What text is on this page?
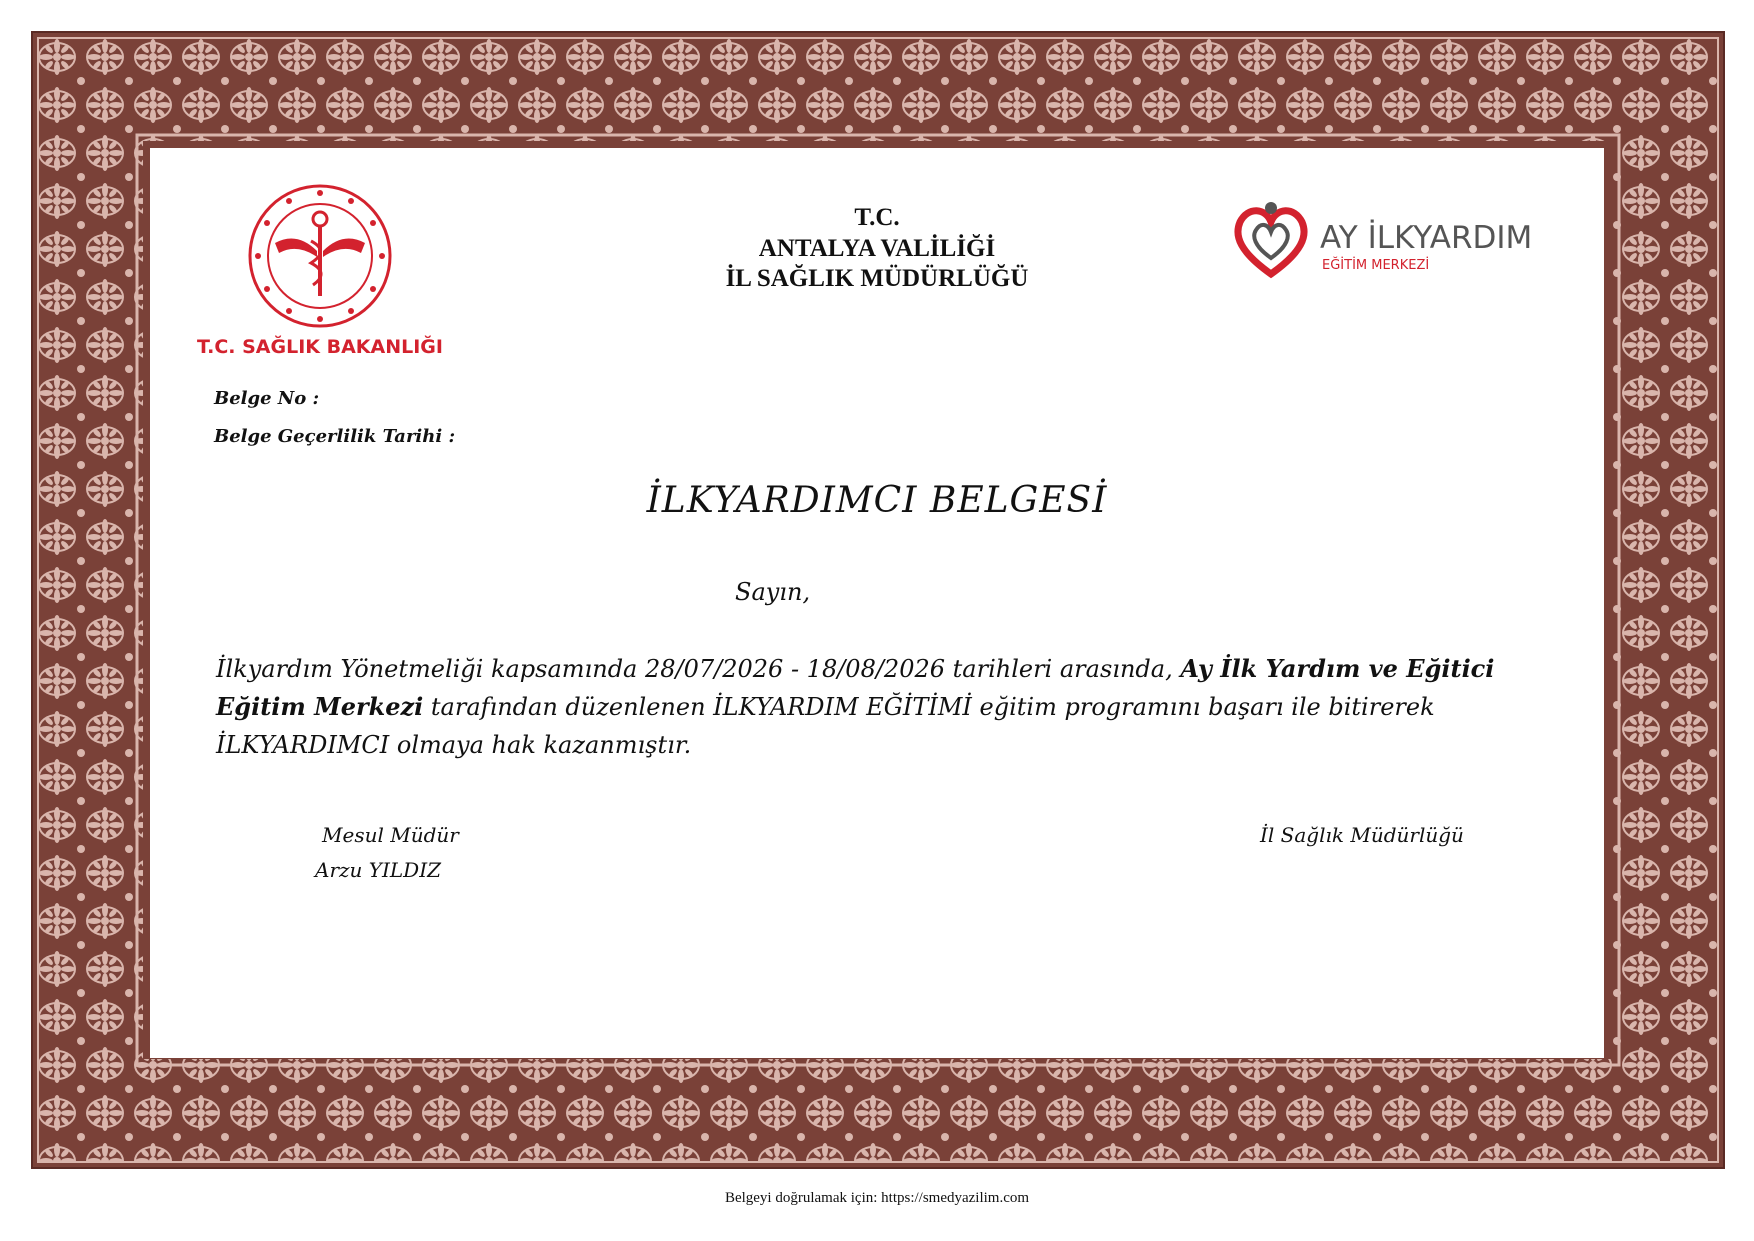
T.C. SAĞLIK BAKANLIĞI
T.C.
ANTALYA VALİLİĞİ
İL SAĞLIK MÜDÜRLÜĞÜ
AY İLKYARDIM
EĞİTİM MERKEZİ
Belge No :
Belge Geçerlilik Tarihi :
İLKYARDIMCI BELGESİ
Sayın,
İlkyardım Yönetmeliği kapsamında 28/07/2026 - 18/08/2026 tarihleri arasında, Ay İlk Yardım ve Eğitici Eğitim Merkezi tarafından düzenlenen İLKYARDIM EĞİTİMİ eğitim programını başarı ile bitirerek İLKYARDIMCI olmaya hak kazanmıştır.
Mesul Müdür
Arzu YILDIZ
İl Sağlık Müdürlüğü
Belgeyi doğrulamak için: https://smedyazilim.com
